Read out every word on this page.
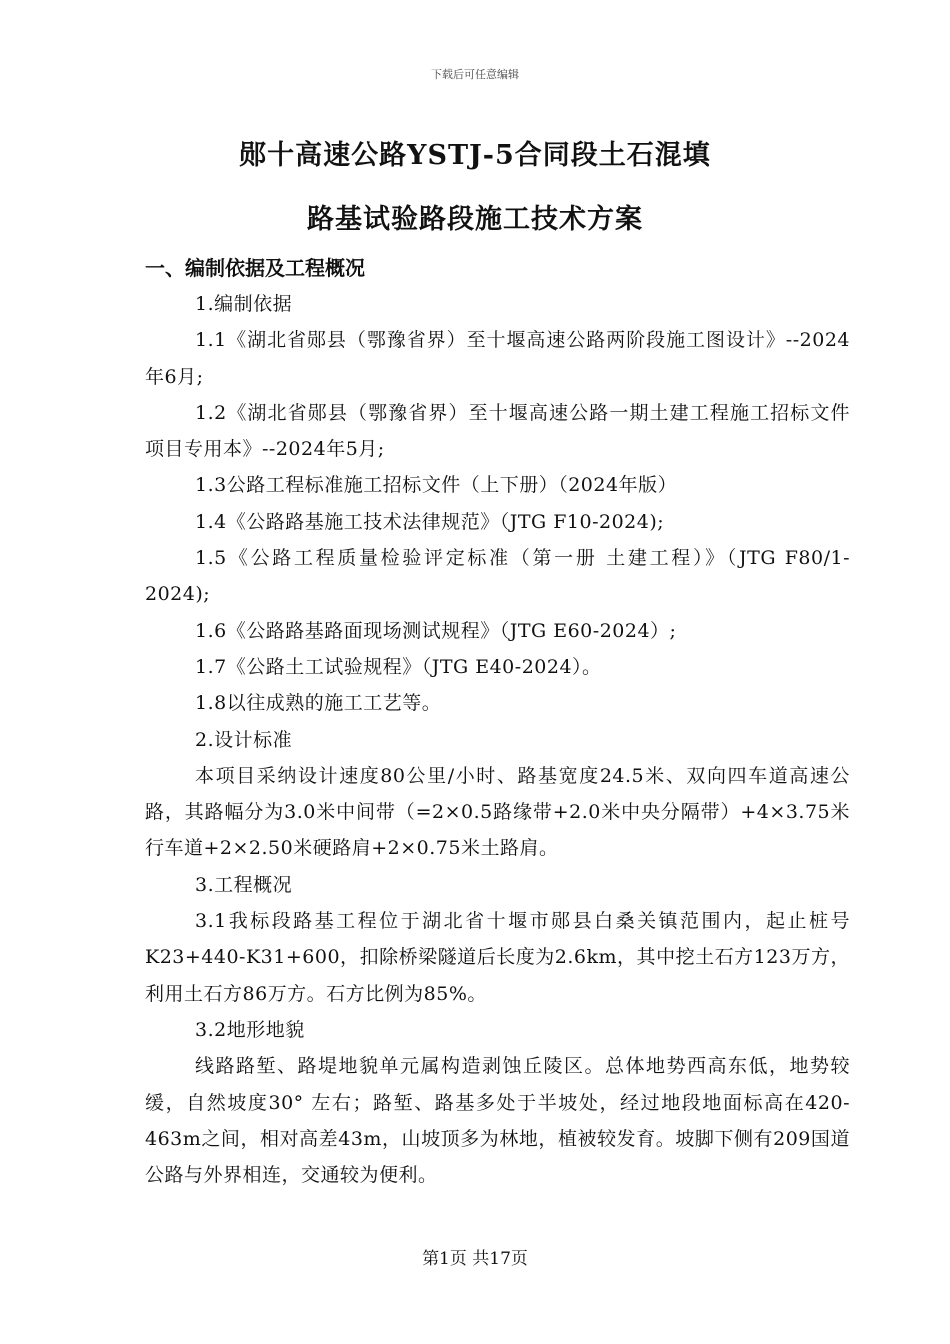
下载后可任意编辑
郧十高速公路YSTJ-5合同段土石混填
路基试验路段施工技术方案
一、编制依据及工程概况
1.编制依据
1.1《湖北省郧县（鄂豫省界）至十堰高速公路两阶段施工图设计》--2024年6月;
1.2《湖北省郧县（鄂豫省界）至十堰高速公路一期土建工程施工招标文件项目专用本》--2024年5月;
1.3公路工程标准施工招标文件（上下册）（2024年版）
1.4《公路路基施工技术法律规范》（JTG F10-2024);
1.5《公路工程质量检验评定标准（第一册 土建工程）》（JTG F80/1-2024);
1.6《公路路基路面现场测试规程》（JTG E60-2024）;
1.7《公路土工试验规程》（JTG E40-2024）。
1.8以往成熟的施工工艺等。
2.设计标准
本项目采纳设计速度80公里/小时、路基宽度24.5米、双向四车道高速公路，其路幅分为3.0米中间带（=2×0.5路缘带+2.0米中央分隔带）+4×3.75米行车道+2×2.50米硬路肩+2×0.75米土路肩。
3.工程概况
3.1我标段路基工程位于湖北省十堰市郧县白桑关镇范围内，起止桩号K23+440-K31+600，扣除桥梁隧道后长度为2.6km，其中挖土石方123万方，利用土石方86万方。石方比例为85%。
3.2地形地貌
线路路堑、路堤地貌单元属构造剥蚀丘陵区。总体地势西高东低，地势较缓，自然坡度30° 左右；路堑、路基多处于半坡处，经过地段地面标高在420-463m之间，相对高差43m，山坡顶多为林地，植被较发育。坡脚下侧有209国道公路与外界相连，交通较为便利。
第1页 共17页
